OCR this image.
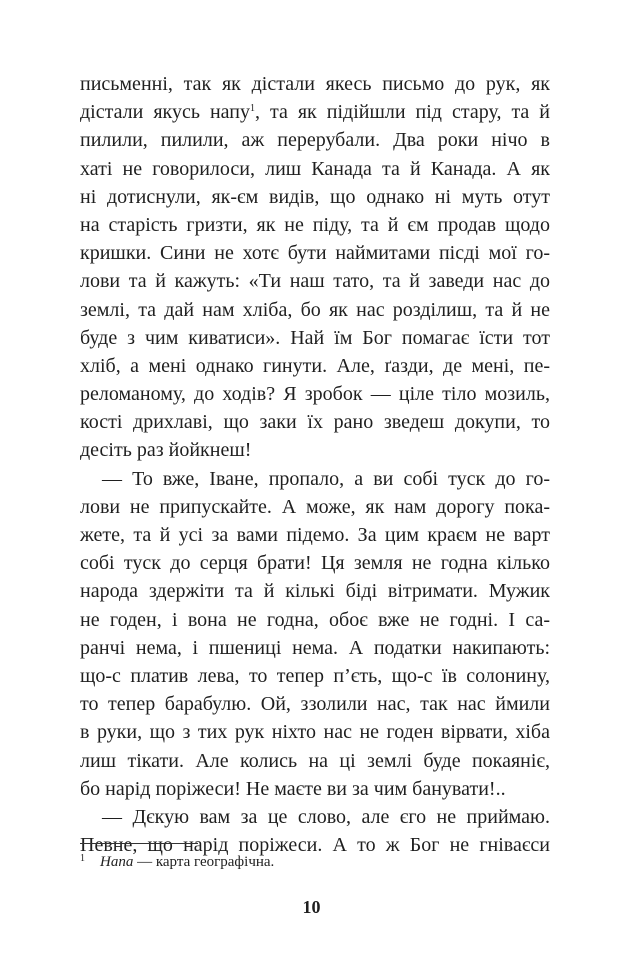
письменні, так як дістали якесь письмо до рук, як
дістали якусь напу$^1$, та як підійшли під стару, та й
пилили, пилили, аж перерубали. Два роки нічо в
хаті не говорилоси, лиш Канада та й Канада. А як
ні дотиснули, як-єм видів, що однако ні муть отут
на старість гризти, як не піду, та й єм продав щодо
кришки. Сини не хотє бути наймитами пісді мої го-
лови та й кажуть: «Ти наш тато, та й заведи нас до
землі, та дай нам хліба, бо як нас розділиш, та й не
буде з чим киватиси». Най їм Бог помагає їсти тот
хліб, а мені однако гинути. Але, ґазди, де мені, пе-
реломаному, до ходів? Я зробок — ціле тіло мозиль,
кості дрихлаві, що заки їх рано зведеш докупи, то
десіть раз йойкнеш!
— То вже, Іване, пропало, а ви собі туск до го-
лови не припускайте. А може, як нам дорогу пока-
жете, та й усі за вами підемо. За цим краєм не варт
собі туск до серця брати! Ця земля не годна кілько
народа здержіти та й кількі біді вітримати. Мужик
не годен, і вона не годна, обоє вже не годні. І са-
ранчі нема, і пшениці нема. А податки накипають:
що-с платив лева, то тепер п’єть, що-с їв солонину,
то тепер барабулю. Ой, ззолили нас, так нас ймили
в руки, що з тих рук ніхто нас не годен вірвати, хіба
лиш тікати. Але колись на ці землі буде покаяніє,
бо нарід поріжеси! Не маєте ви за чим банувати!..
— Дєкую вам за це слово, але єго не приймаю.
Певне, що нарід поріжеси. А то ж Бог не гніваєси
1 Напа — карта географічна.
10
